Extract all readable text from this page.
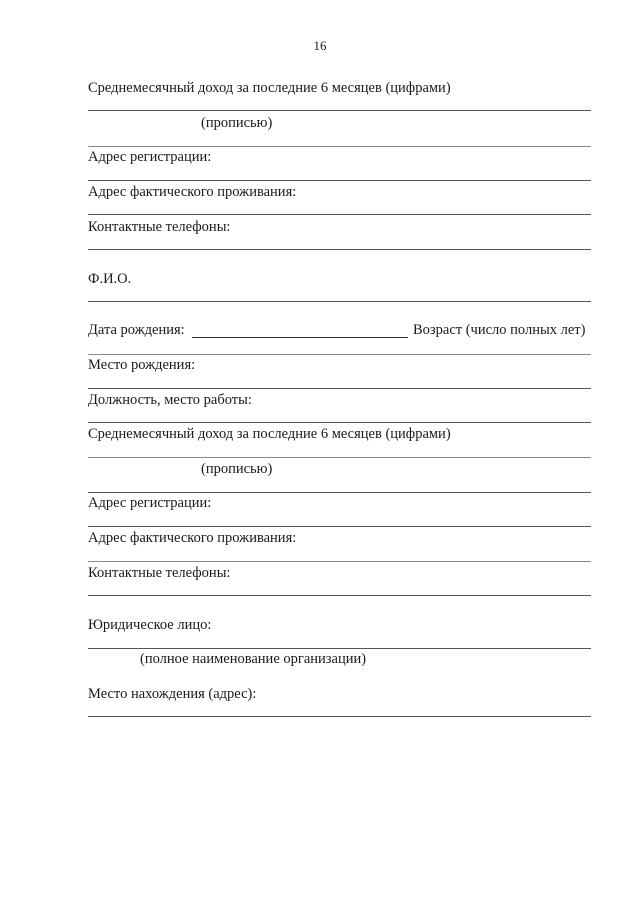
16
Среднемесячный доход за последние 6 месяцев (цифрами)
(прописью)
Адрес регистрации:
Адрес фактического проживания:
Контактные телефоны:
Ф.И.О.
Дата рождения:	Возраст (число полных лет)
Место рождения:
Должность, место работы:
Среднемесячный доход за последние 6 месяцев (цифрами)
(прописью)
Адрес регистрации:
Адрес фактического проживания:
Контактные телефоны:
Юридическое лицо:
(полное наименование организации)
Место нахождения (адрес):
